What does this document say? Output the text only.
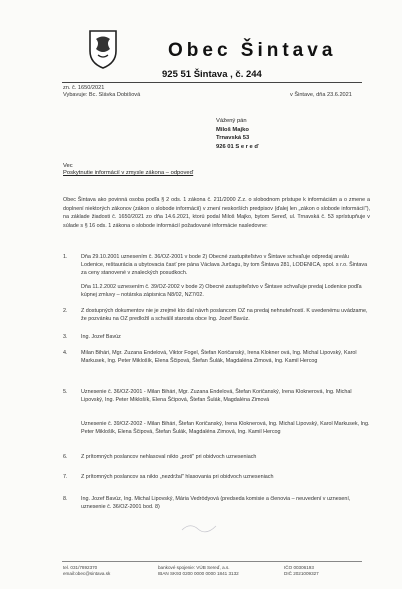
Obec Šintava
925 51 Šintava , č. 244
zn. č. 1650/2021
Vybavuje: Bc. Slávka Dobišová	v Šintave, dňa 23.6.2021
Vážený pán
Miloš Majko
Trnavská 53
926 01 S e r e ď
Vec
Poskytnutie informácií v zmysle zákona – odpoveď
Obec Šintava ako povinná osoba podľa § 2 ods. 1 zákona č. 211/2000 Z.z. o slobodnom prístupe k informáciám a o zmene a doplnení niektorých zákonov (zákon o slobode informácií) v znení neskorších predpisov (ďalej len „zákon o slobode informácií"), na základe žiadosti č. 1650/2021 zo dňa 14.6.2021, ktorú podal Miloš Majko, bytom Sereď, ul. Trnavská č. 53 sprístupňuje v súlade s § 16 ods. 1 zákona o slobode informácií požadované informácie nasledovne:
1.	Dňa 29.10.2001 uznesením č. 36/OZ-2001 v bode 2) Obecné zastupiteľstvo v Šintave schvaľuje odpredaj areálu Lodenice, reštaurácia a ubytovacia časť pre pána Václava Jurčagu, by tom Šintava 281, LODENICA, spol. s r.o. Šintava za ceny stanovené v znaleckých posudkoch.
Dňa 11.2.2002 uznesením č. 39/OZ-2002 v bode 2) Obecné zastupiteľstvo v Šintave schvaľuje predaj Lodenice podľa kúpnej zmluvy – notárska zápisnica N8/02, NZ7/02.
2.	Z dostupných dokumentov nie je zrejmé kto dal návrh poslancom OZ na predaj nehnuteľností. K uvedenému uvádzame, že pozvánku na OZ predložil a schválil starosta obce Ing. Jozef Bavúz.
3.	Ing. Jozef Bavúz
4.	Milan Bihári, Mgr. Zuzana Endelová, Viktor Fogel, Štefan Koričanský, Irena Klokner ová, Ing. Michal Lipovský, Karol Markusek, Ing. Peter Miklošík, Elena Ščipová, Štefan Šulák, Magdaléna Zimová, Ing. Kamil Hercog
5.	Uznesenie č. 36/OZ-2001 - Milan Bihári, Mgr. Zuzana Endelová, Štefan Koričanský, Irena Kloknerová, Ing. Michal Lipovský, Ing. Peter Miklošík, Elena Ščipová, Štefan Šulák, Magdaléna Zimová
Uznesenie č. 39/OZ-2002 - Milan Bihári, Štefan Koričanský, Irena Kloknerová, Ing. Michal Lipovský, Karol Markusek, Ing. Peter Miklošík, Elena Ščipová, Štefan Šulák, Magdaléna Zimová, Ing. Kamil Hercog
6.	Z prítomných poslancov nehlasoval nikto „proti" pri obidvoch uzneseniach
7.	Z prítomných poslancov sa nikto „nezdržal" hlasovania pri obidvoch uzneseniach
8.	Ing. Jozef Bavúz, Ing. Michal Lipovský, Mária Vedrödyová (predseda komisie a členovia – neuvedení v uznesení, uznesenie č. 36/OZ-2001 bod. 8)
tel. 031/7892370
email:obec@sintava.sk
bankové spojenie: VÚB Sereď, a.s.
IBAN SK93 0200 0000 0000 1841 3132
IČO 00306193
DIČ 2021009327
